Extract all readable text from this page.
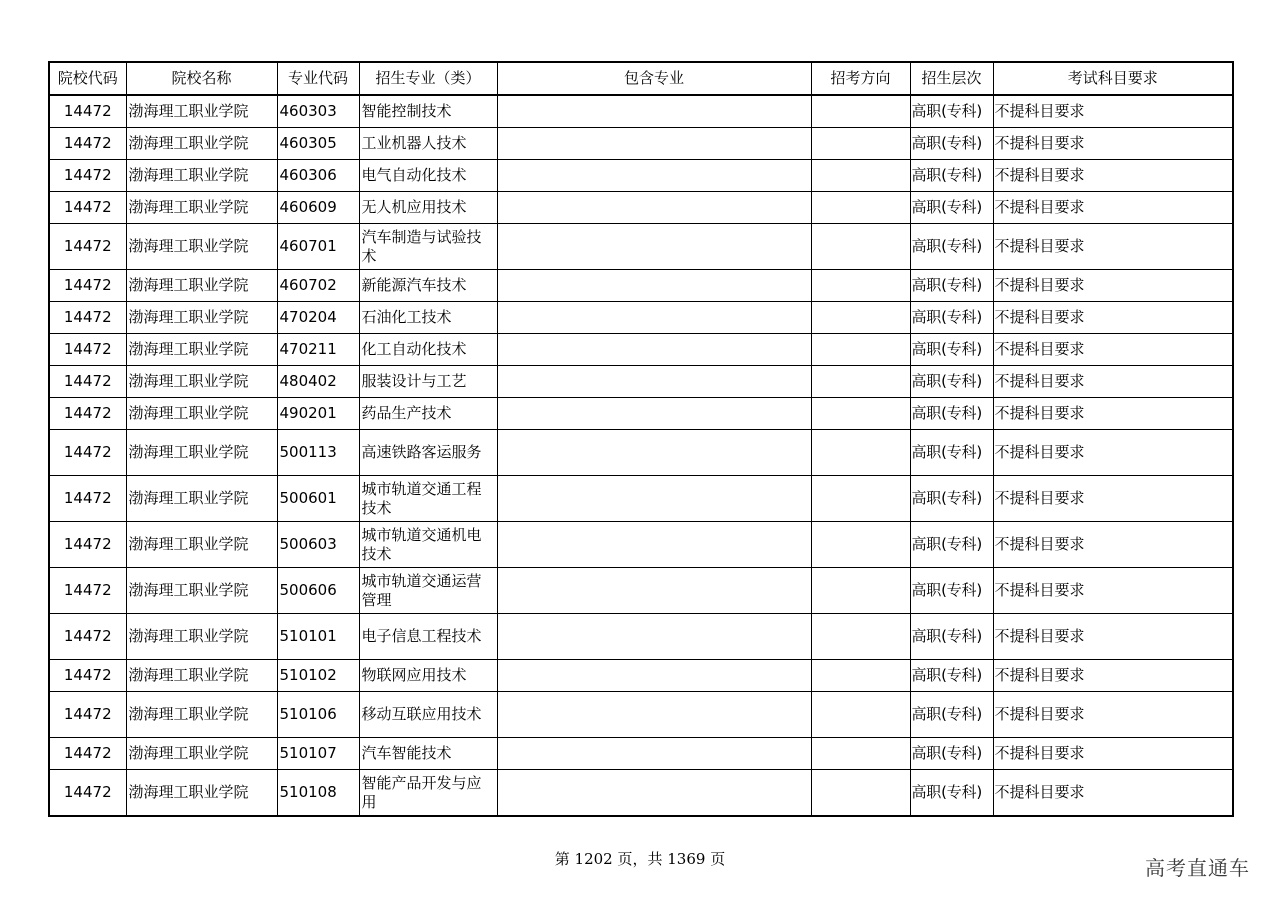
院校代码	院校名称	专业代码	招生专业（类）	包含专业	招考方向	招生层次	考试科目要求
14472	渤海理工职业学院	460303	智能控制技术			高职(专科)	不提科目要求
14472	渤海理工职业学院	460305	工业机器人技术			高职(专科)	不提科目要求
14472	渤海理工职业学院	460306	电气自动化技术			高职(专科)	不提科目要求
14472	渤海理工职业学院	460609	无人机应用技术			高职(专科)	不提科目要求
14472	渤海理工职业学院	460701	汽车制造与试验技术			高职(专科)	不提科目要求
14472	渤海理工职业学院	460702	新能源汽车技术			高职(专科)	不提科目要求
14472	渤海理工职业学院	470204	石油化工技术			高职(专科)	不提科目要求
14472	渤海理工职业学院	470211	化工自动化技术			高职(专科)	不提科目要求
14472	渤海理工职业学院	480402	服装设计与工艺			高职(专科)	不提科目要求
14472	渤海理工职业学院	490201	药品生产技术			高职(专科)	不提科目要求
14472	渤海理工职业学院	500113	高速铁路客运服务			高职(专科)	不提科目要求
14472	渤海理工职业学院	500601	城市轨道交通工程技术			高职(专科)	不提科目要求
14472	渤海理工职业学院	500603	城市轨道交通机电技术			高职(专科)	不提科目要求
14472	渤海理工职业学院	500606	城市轨道交通运营管理			高职(专科)	不提科目要求
14472	渤海理工职业学院	510101	电子信息工程技术			高职(专科)	不提科目要求
14472	渤海理工职业学院	510102	物联网应用技术			高职(专科)	不提科目要求
14472	渤海理工职业学院	510106	移动互联应用技术			高职(专科)	不提科目要求
14472	渤海理工职业学院	510107	汽车智能技术			高职(专科)	不提科目要求
14472	渤海理工职业学院	510108	智能产品开发与应用			高职(专科)	不提科目要求
第 1202 页，共 1369 页	高考直通车
